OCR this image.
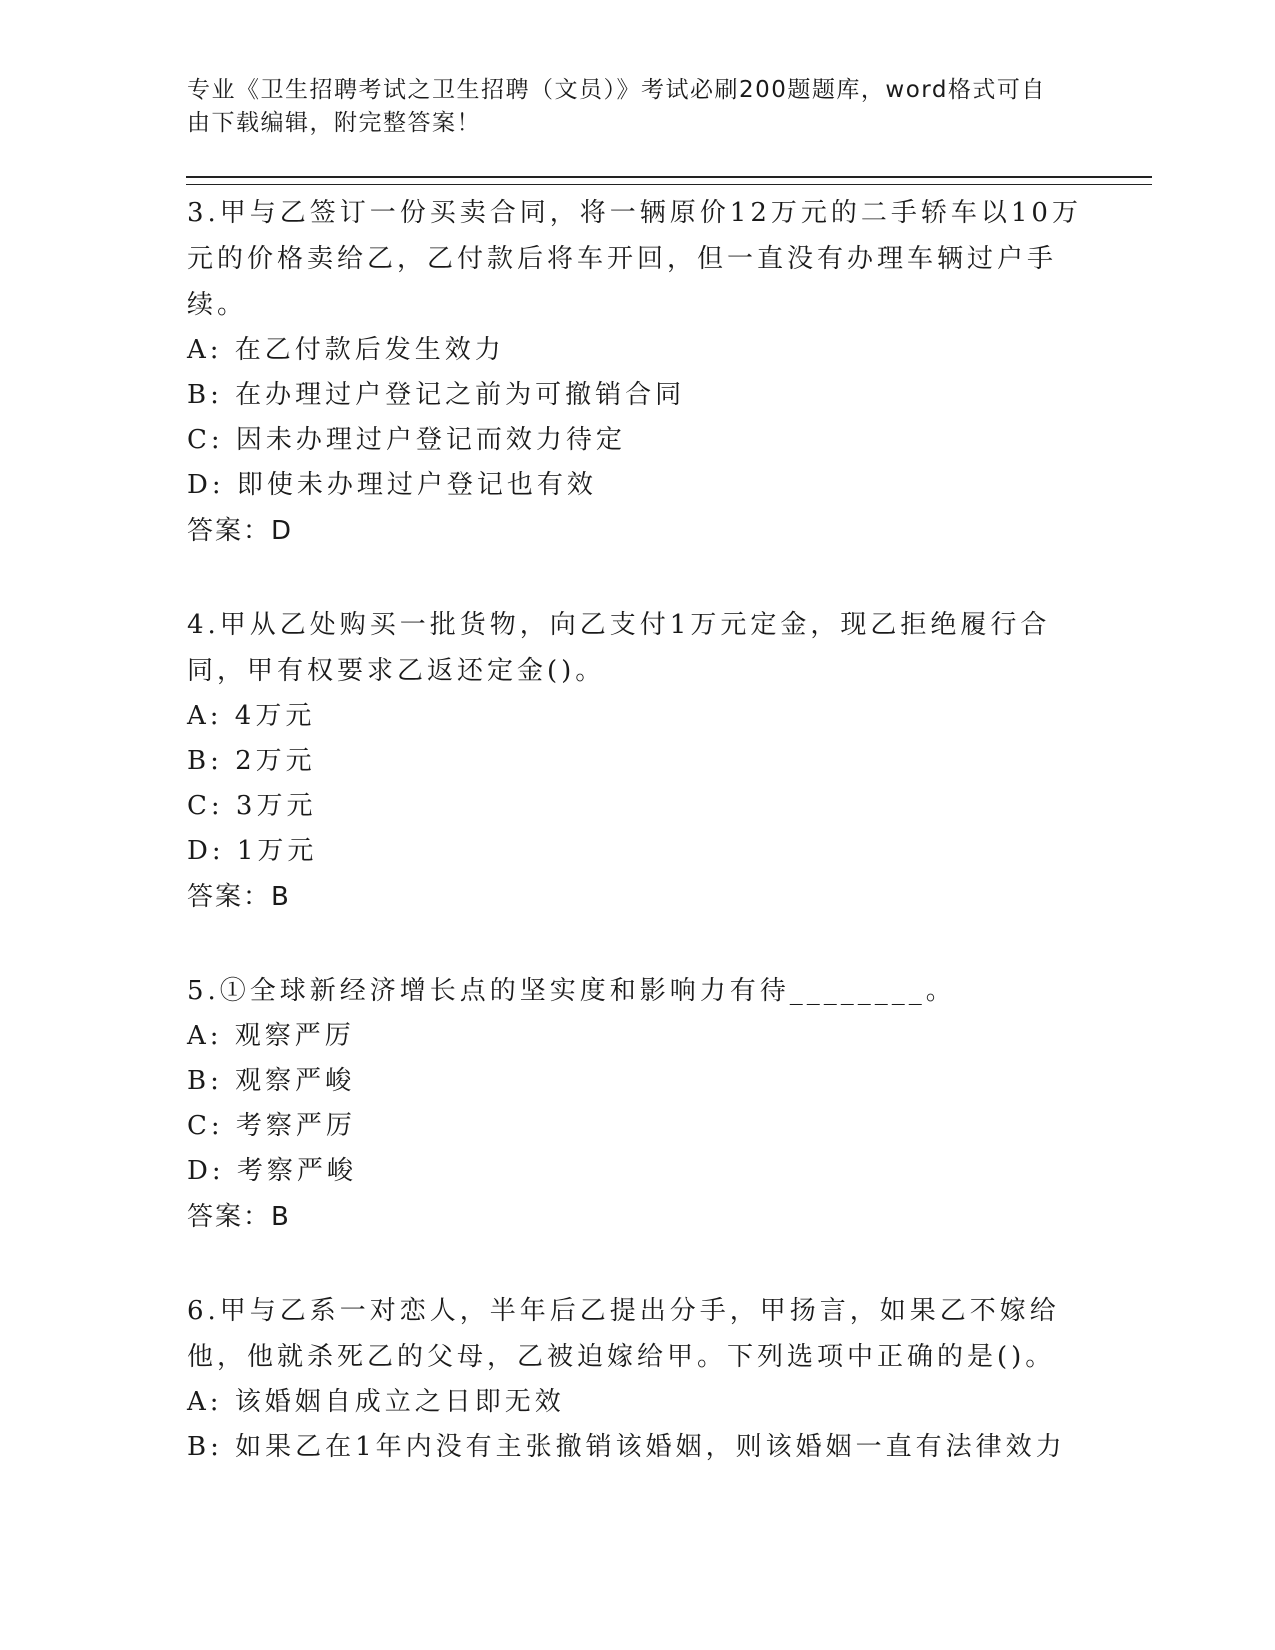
专业《卫生招聘考试之卫生招聘（文员）》考试必刷200题题库，word格式可自由下载编辑，附完整答案！
3.甲与乙签订一份买卖合同，将一辆原价12万元的二手轿车以10万元的价格卖给乙，乙付款后将车开回，但一直没有办理车辆过户手续。
A: 在乙付款后发生效力
B: 在办理过户登记之前为可撤销合同
C: 因未办理过户登记而效力待定
D: 即使未办理过户登记也有效
答案：D
4.甲从乙处购买一批货物，向乙支付1万元定金，现乙拒绝履行合同，甲有权要求乙返还定金()。
A: 4万元
B: 2万元
C: 3万元
D: 1万元
答案：B
5.①全球新经济增长点的坚实度和影响力有待________。
A: 观察严厉
B: 观察严峻
C: 考察严厉
D: 考察严峻
答案：B
6.甲与乙系一对恋人，半年后乙提出分手，甲扬言，如果乙不嫁给他，他就杀死乙的父母，乙被迫嫁给甲。下列选项中正确的是()。
A: 该婚姻自成立之日即无效
B: 如果乙在1年内没有主张撤销该婚姻，则该婚姻一直有法律效力
